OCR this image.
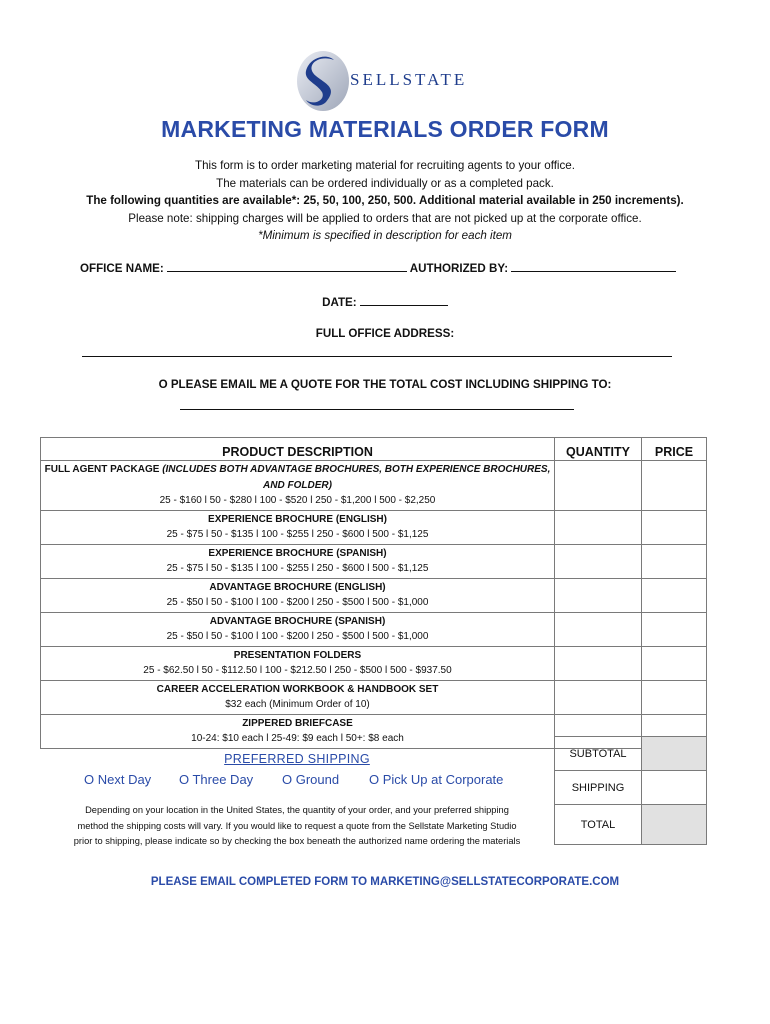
SELLSTATE
MARKETING MATERIALS ORDER FORM
This form is to order marketing material for recruiting agents to your office.
The materials can be ordered individually or as a completed pack.
The following quantities are available*: 25, 50, 100, 250, 500. Additional material available in 250 increments).
Please note: shipping charges will be applied to orders that are not picked up at the corporate office.
*Minimum is specified in description for each item
OFFICE NAME:	AUTHORIZED BY:
DATE:
FULL OFFICE ADDRESS:
O PLEASE EMAIL ME A QUOTE FOR THE TOTAL COST INCLUDING SHIPPING TO:
PRODUCT DESCRIPTION	QUANTITY	PRICE

FULL AGENT PACKAGE (INCLUDES BOTH ADVANTAGE BROCHURES, BOTH EXPERIENCE BROCHURES, AND FOLDER)
25 - $160 l 50 - $280 l 100 - $520 l 250 - $1,200 l 500 - $2,250		

EXPERIENCE BROCHURE (ENGLISH)
25 - $75 l 50 - $135 l 100 - $255 l 250 - $600 l 500 - $1,125		

EXPERIENCE BROCHURE (SPANISH)
25 - $75 l 50 - $135 l 100 - $255 l 250 - $600 l 500 - $1,125		

ADVANTAGE BROCHURE (ENGLISH)
25 - $50 l 50 - $100 l 100 - $200 l 250 - $500 l 500 - $1,000		

ADVANTAGE BROCHURE (SPANISH)
25 - $50 l 50 - $100 l 100 - $200 l 250 - $500 l 500 - $1,000		

PRESENTATION FOLDERS
25 - $62.50 l 50 - $112.50 l 100 - $212.50 l 250 - $500 l 500 - $937.50		

CAREER ACCELERATION WORKBOOK & HANDBOOK SET
$32 each (Minimum Order of 10)		

ZIPPERED BRIEFCASE
10-24: $10 each l 25-49: $9 each l 50+: $8 each		
PREFERRED SHIPPING
O Next Day O Three Day O Ground O Pick Up at Corporate
Depending on your location in the United States, the quantity of your order, and your preferred shipping
method the shipping costs will vary. If you would like to request a quote from the Sellstate Marketing Studio
prior to shipping, please indicate so by checking the box beneath the authorized name ordering the materials
SUBTOTAL	
SHIPPING	
TOTAL	
PLEASE EMAIL COMPLETED FORM TO MARKETING@SELLSTATECORPORATE.COM
